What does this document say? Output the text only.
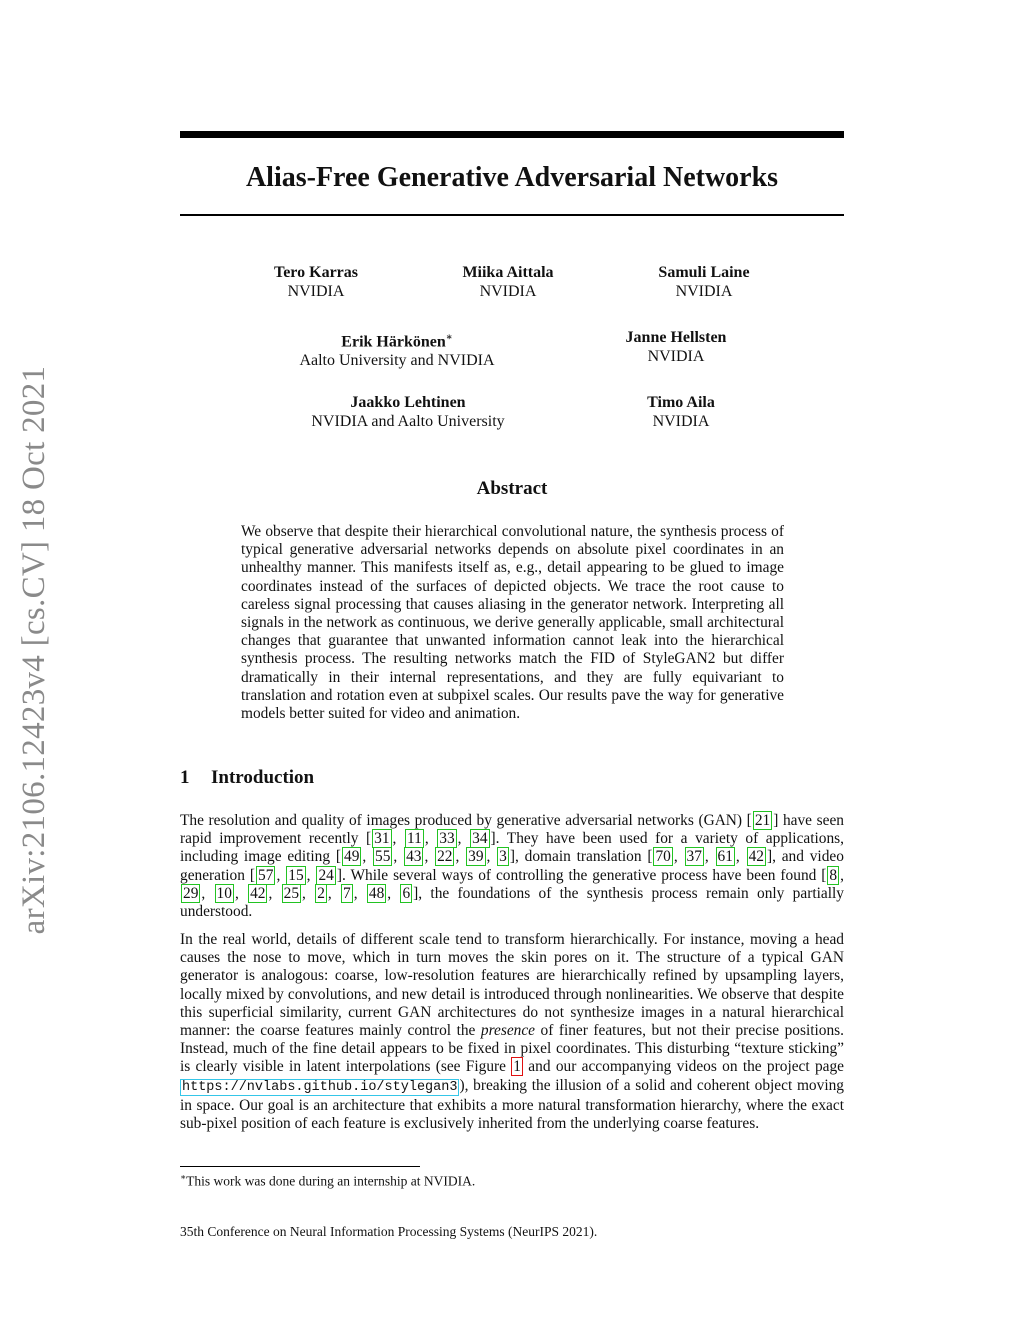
arXiv:2106.12423v4 [cs.CV] 18 Oct 2021
Alias-Free Generative Adversarial Networks
Tero Karras
NVIDIA
Miika Aittala
NVIDIA
Samuli Laine
NVIDIA
Erik Härkönen∗
Aalto University and NVIDIA
Janne Hellsten
NVIDIA
Jaakko Lehtinen
NVIDIA and Aalto University
Timo Aila
NVIDIA
Abstract
We observe that despite their hierarchical convolutional nature, the synthesis process of typical generative adversarial networks depends on absolute pixel coordinates in an unhealthy manner. This manifests itself as, e.g., detail appearing to be glued to image coordinates instead of the surfaces of depicted objects. We trace the root cause to careless signal processing that causes aliasing in the generator network. Interpreting all signals in the network as continuous, we derive generally applicable, small architectural changes that guarantee that unwanted information cannot leak into the hierarchical synthesis process. The resulting networks match the FID of StyleGAN2 but differ dramatically in their internal representations, and they are fully equivariant to translation and rotation even at subpixel scales. Our results pave the way for generative models better suited for video and animation.
1 Introduction
The resolution and quality of images produced by generative adversarial networks (GAN) [ 21 ] have seen rapid improvement recently [ 31 , 11 , 33 , 34 ]. They have been used for a variety of applications, including image editing [ 49 , 55 , 43 , 22 , 39 , 3 ], domain translation [ 70 , 37 , 61 , 42 ], and video generation [ 57 , 15 , 24 ]. While several ways of controlling the generative process have been found [ 8 , 29 , 10 , 42 , 25 , 2 , 7 , 48 , 6 ], the foundations of the synthesis process remain only partially understood.
In the real world, details of different scale tend to transform hierarchically. For instance, moving a head causes the nose to move, which in turn moves the skin pores on it. The structure of a typical GAN generator is analogous: coarse, low-resolution features are hierarchically refined by upsampling layers, locally mixed by convolutions, and new detail is introduced through nonlinearities. We observe that despite this superficial similarity, current GAN architectures do not synthesize images in a natural hierarchical manner: the coarse features mainly control the presence of finer features, but not their precise positions. Instead, much of the fine detail appears to be fixed in pixel coordinates. This disturbing “texture sticking” is clearly visible in latent interpolations (see Figure 1 and our accompanying videos on the project page https://nvlabs.github.io/stylegan3 ), breaking the illusion of a solid and coherent object moving in space. Our goal is an architecture that exhibits a more natural transformation hierarchy, where the exact sub-pixel position of each feature is exclusively inherited from the underlying coarse features.
∗This work was done during an internship at NVIDIA.
35th Conference on Neural Information Processing Systems (NeurIPS 2021).
